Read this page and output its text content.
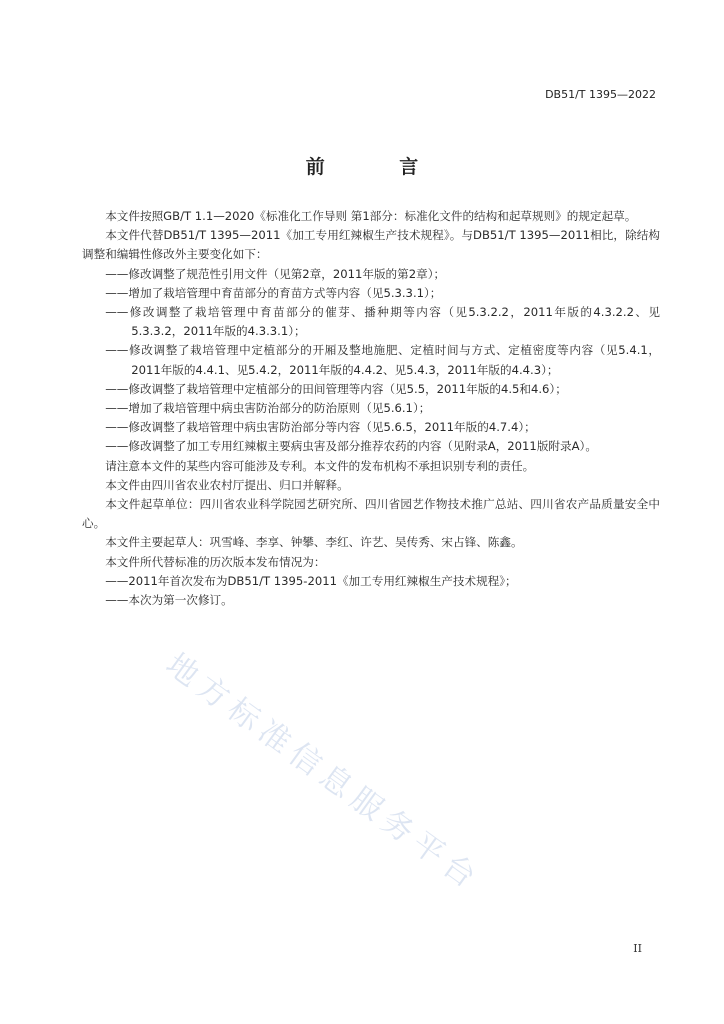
DB51/T 1395—2022
前 言

本文件按照GB/T 1.1—2020《标准化工作导则 第1部分：标准化文件的结构和起草规则》的规定起草。

本文件代替DB51/T 1395—2011《加工专用红辣椒生产技术规程》。与DB51/T 1395—2011相比，除结构调整和编辑性修改外主要变化如下：

——修改调整了规范性引用文件（见第2章，2011年版的第2章）；

——增加了栽培管理中育苗部分的育苗方式等内容（见5.3.3.1）；

——修改调整了栽培管理中育苗部分的催芽、播种期等内容（见5.3.2.2，2011年版的4.3.2.2、见5.3.3.2，2011年版的4.3.3.1）；

——修改调整了栽培管理中定植部分的开厢及整地施肥、定植时间与方式、定植密度等内容（见5.4.1，2011年版的4.4.1、见5.4.2，2011年版的4.4.2、见5.4.3，2011年版的4.4.3）；

——修改调整了栽培管理中定植部分的田间管理等内容（见5.5，2011年版的4.5和4.6）；

——增加了栽培管理中病虫害防治部分的防治原则（见5.6.1）；

——修改调整了栽培管理中病虫害防治部分等内容（见5.6.5，2011年版的4.7.4）；

——修改调整了加工专用红辣椒主要病虫害及部分推荐农药的内容（见附录A，2011版附录A）。

请注意本文件的某些内容可能涉及专利。本文件的发布机构不承担识别专利的责任。

本文件由四川省农业农村厅提出、归口并解释。

本文件起草单位：四川省农业科学院园艺研究所、四川省园艺作物技术推广总站、四川省农产品质量安全中心。

本文件主要起草人：巩雪峰、李享、钟攀、李红、许艺、吴传秀、宋占锋、陈鑫。

本文件所代替标准的历次版本发布情况为：

——2011年首次发布为DB51/T 1395-2011《加工专用红辣椒生产技术规程》；

——本次为第一次修订。

地方标准信息服务平台
II
